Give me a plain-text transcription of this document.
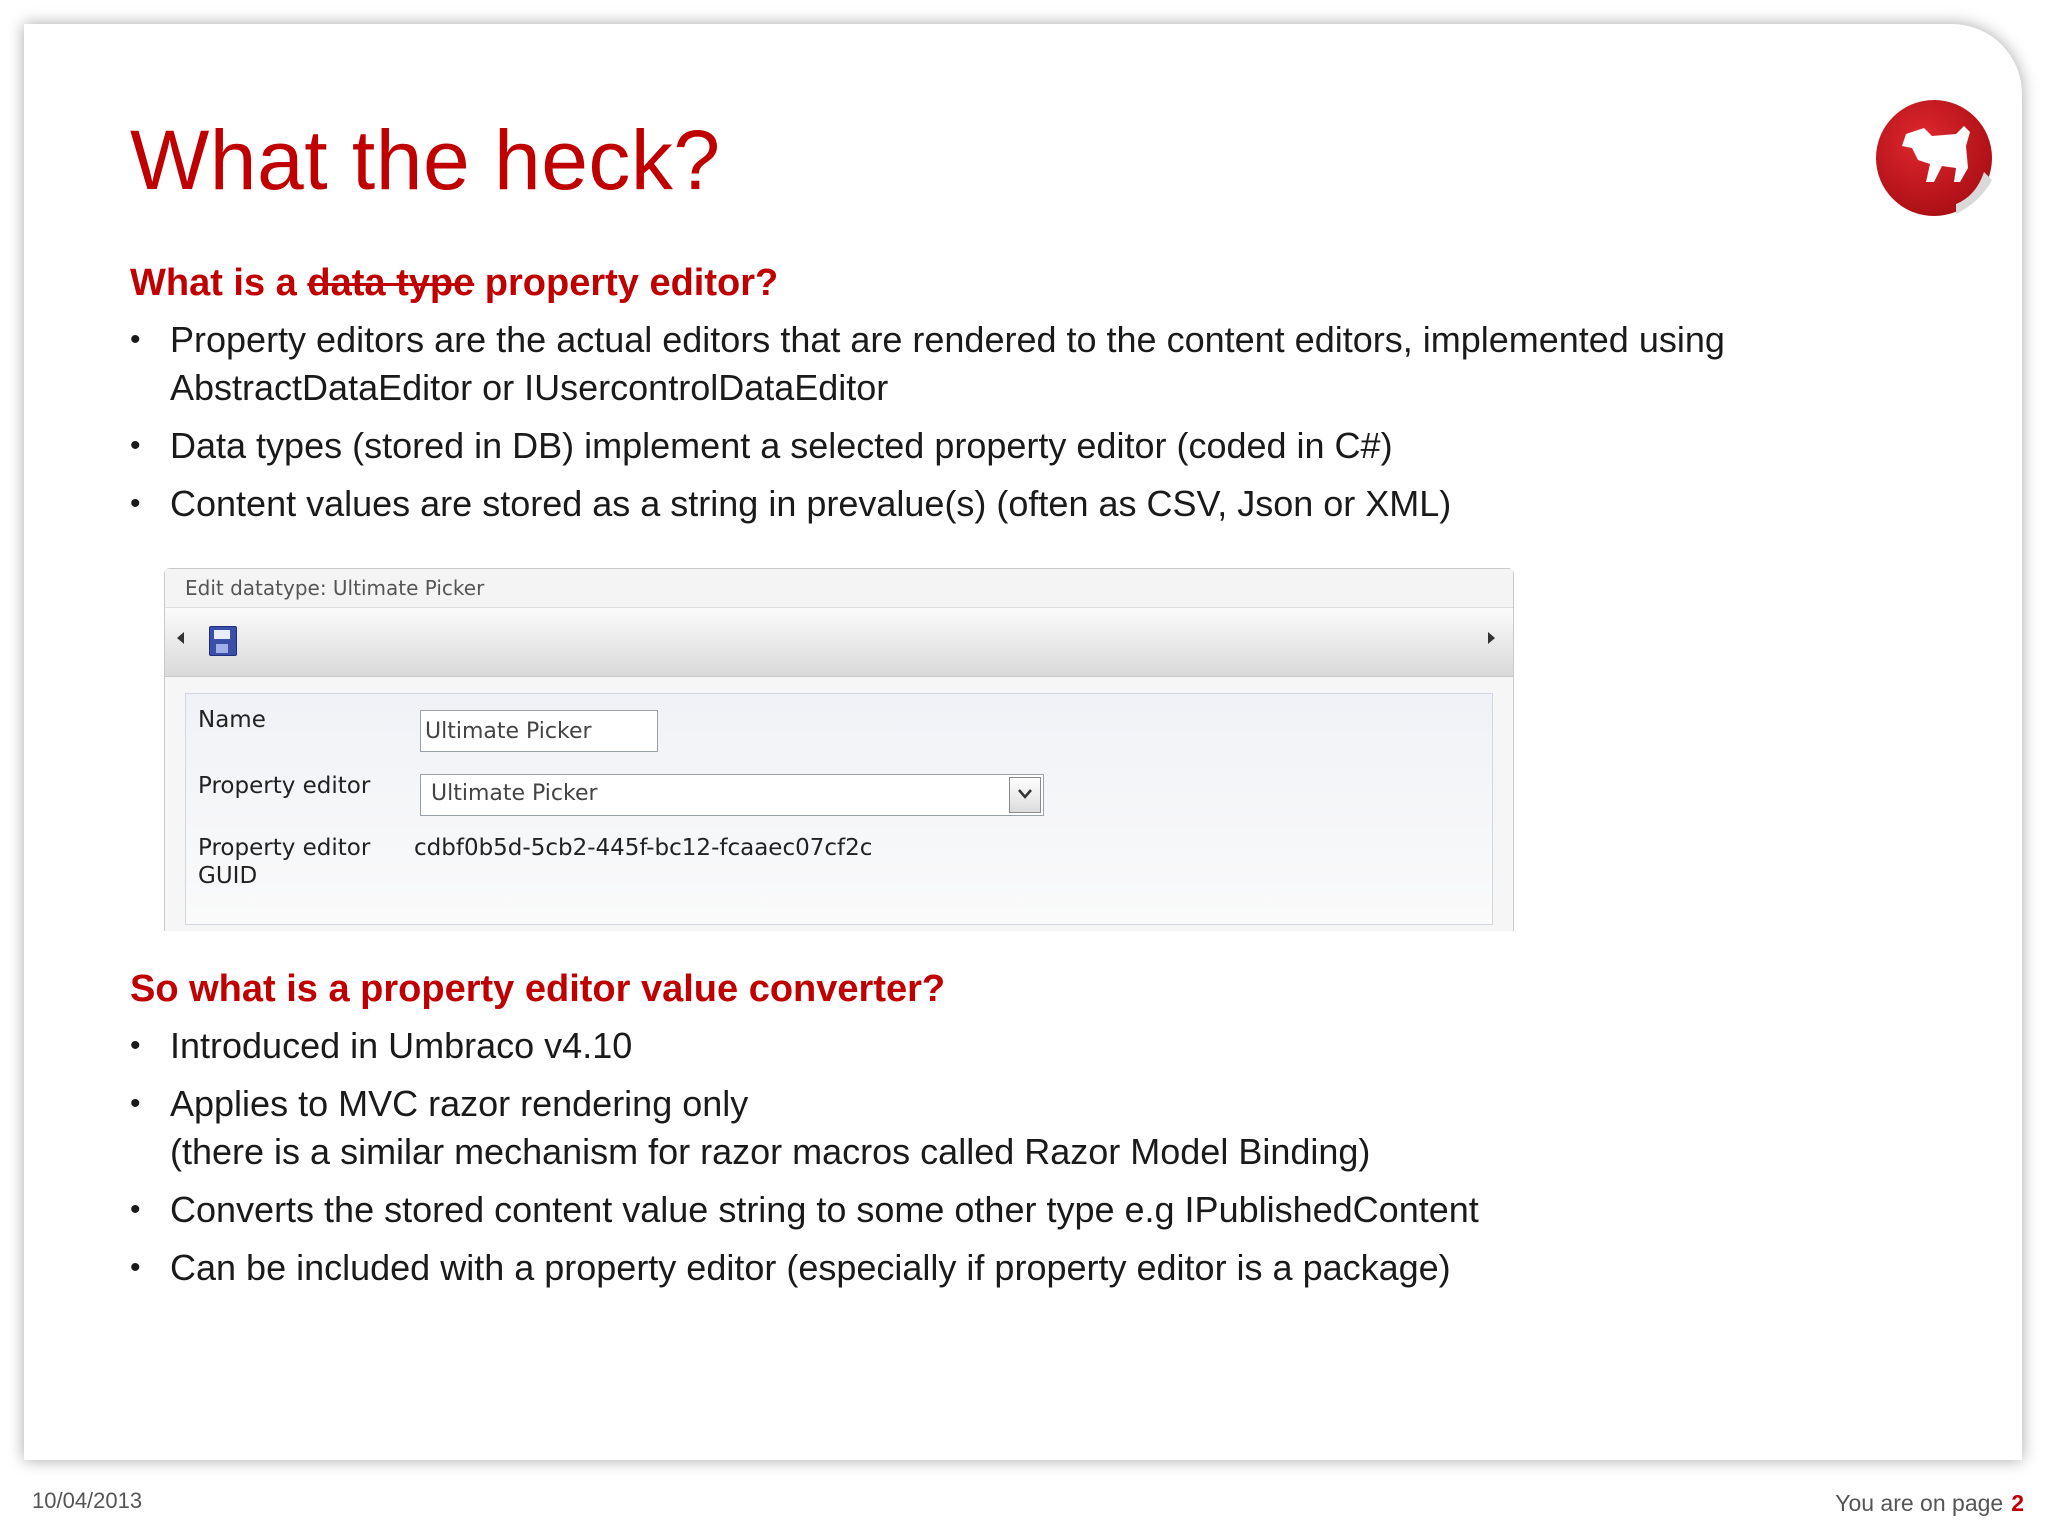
What the heck?
What is a data type property editor?
• Property editors are the actual editors that are rendered to the content editors, implemented using AbstractDataEditor or IUsercontrolDataEditor
• Data types (stored in DB) implement a selected property editor (coded in C#)
• Content values are stored as a string in prevalue(s) (often as CSV, Json or XML)
Edit datatype: Ultimate Picker
Name
Ultimate Picker
Property editor	Ultimate Picker
Property editor
GUID
cdbf0b5d-5cb2-445f-bc12-fcaaec07cf2c
So what is a property editor value converter?
• Introduced in Umbraco v4.10
• Applies to MVC razor rendering only
(there is a similar mechanism for razor macros called Razor Model Binding)
• Converts the stored content value string to some other type e.g IPublishedContent
• Can be included with a property editor (especially if property editor is a package)
10/04/2013	You are on page 2
